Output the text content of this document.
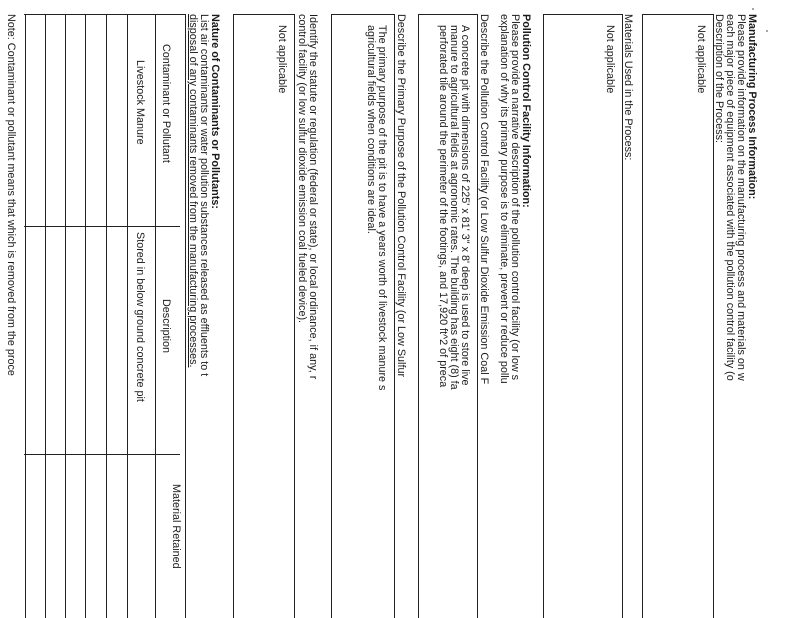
Manufacturing Process Information:
Please provide information on the manufacturing process and materials on w
each major piece of equipment associated with the pollution control facility (o
Description of the Process:
Not applicable
Materials Used in the Process:
Not applicable
Pollution Control Facility Information:
Please provide a narrative description of the pollution control facility (or low s
explanation of why its primary purpose is to eliminate, prevent or reduce pollu
Describe the Pollution Control Facility (or Low Sulfur Dioxide Emission Coal F
A concrete pit with dimensions of 225' x 81' 3" x 8' deep is used to store live
manure to agricultural fields at agronomic rates. The building has eight (8) fa
perforated tile around the perimeter of the footings, and 17,920 ft^2 of preca
Describe the Primary Purpose of the Pollution Control Facility (or Low Sulfur
The primary purpose of the pit is to have a years worth of livestock manure s
agricultural fields when conditions are ideal.
Identify the statute or regulation (federal or state), or local ordinance, if any, r
control facility (or low sulfur dioxide emission coal fueled device).
Not applicable
Nature of Contaminants or Pollutants:
List air contaminants or water pollution substances released as effluents to t
disposal of any contaminants removed from the manufacturing processes.
Contaminant or Pollutant
Description
Material Retained
Livestock Manure
Stored in below ground concrete pit
Note: Contaminant or pollutant means that which is removed from the proce
